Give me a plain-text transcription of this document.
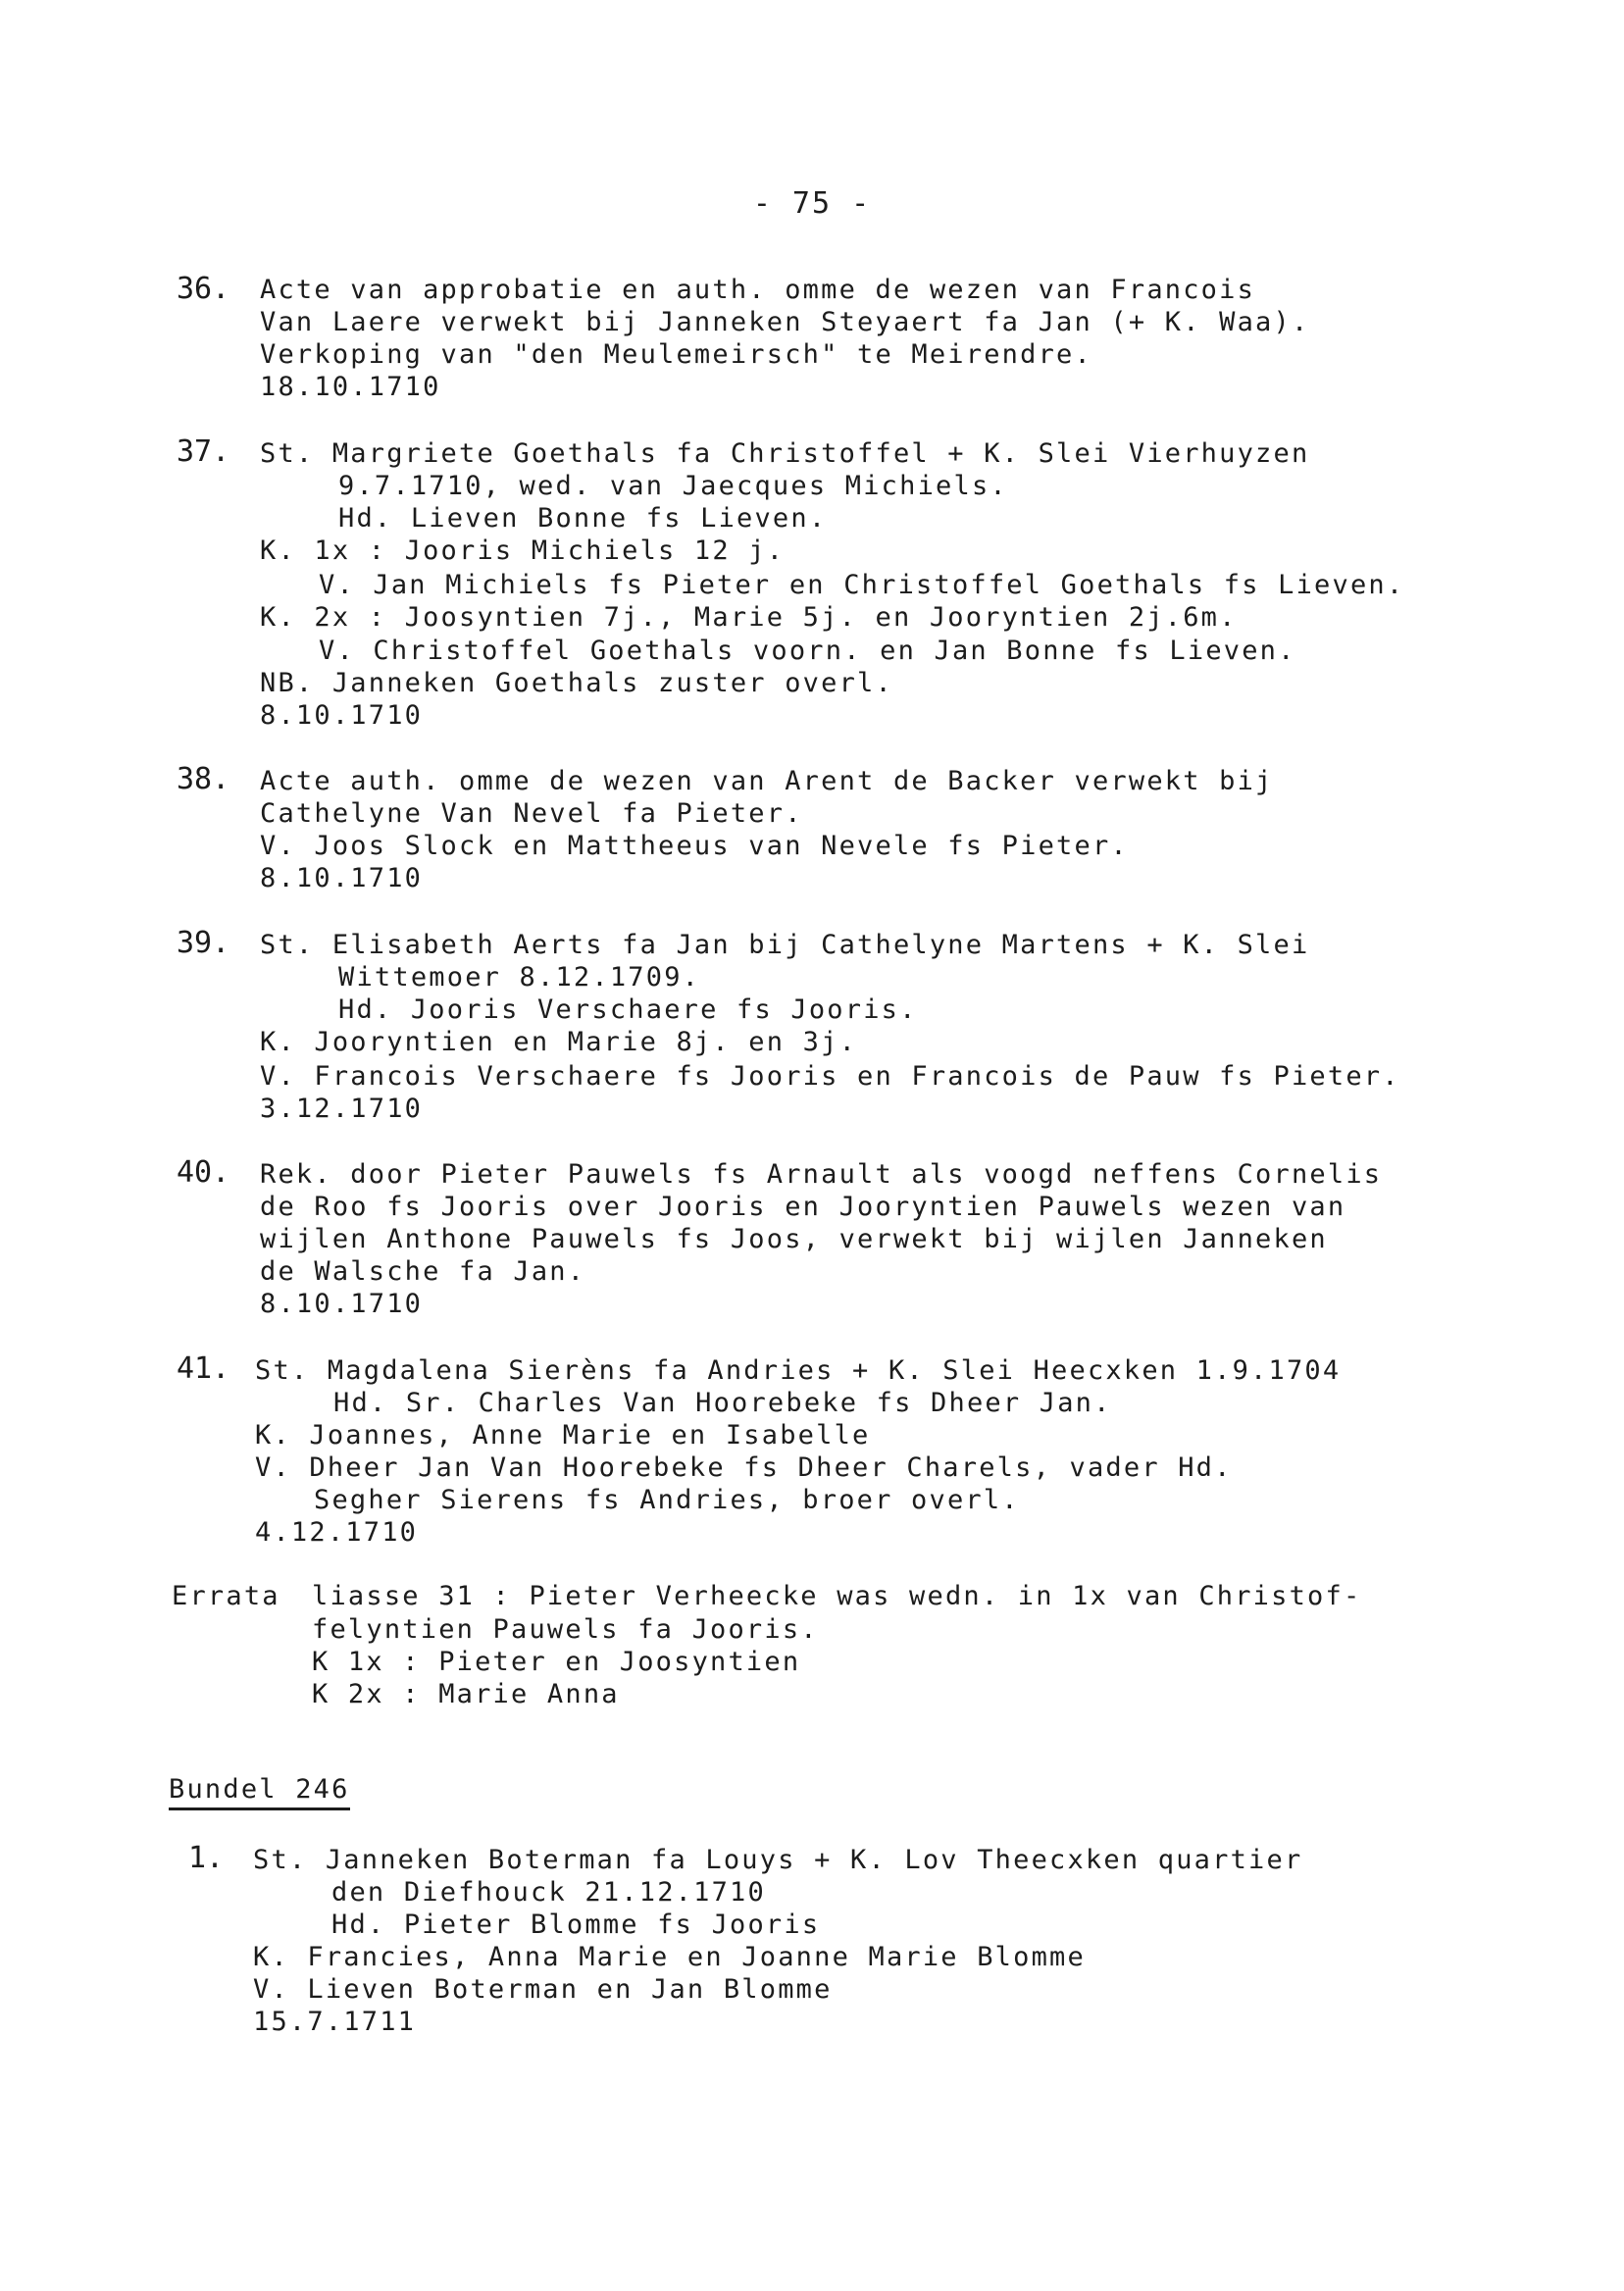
- 75 -
36. Acte van approbatie en auth. omme de wezen van Francois
Van Laere verwekt bij Janneken Steyaert fa Jan (+ K. Waa).
Verkoping van "den Meulemeirsch" te Meirendre.
18.10.1710
37. St. Margriete Goethals fa Christoffel + K. Slei Vierhuyzen
9.7.1710, wed. van Jaecques Michiels.
Hd. Lieven Bonne fs Lieven.
K. 1x : Jooris Michiels 12 j.
V. Jan Michiels fs Pieter en Christoffel Goethals fs Lieven.
K. 2x : Joosyntien 7j., Marie 5j. en Jooryntien 2j.6m.
V. Christoffel Goethals voorn. en Jan Bonne fs Lieven.
NB. Janneken Goethals zuster overl.
8.10.1710
38. Acte auth. omme de wezen van Arent de Backer verwekt bij
Cathelyne Van Nevel fa Pieter.
V. Joos Slock en Mattheeus van Nevele fs Pieter.
8.10.1710
39. St. Elisabeth Aerts fa Jan bij Cathelyne Martens + K. Slei
Wittemoer 8.12.1709.
Hd. Jooris Verschaere fs Jooris.
K. Jooryntien en Marie 8j. en 3j.
V. Francois Verschaere fs Jooris en Francois de Pauw fs Pieter.
3.12.1710
40. Rek. door Pieter Pauwels fs Arnault als voogd neffens Cornelis
de Roo fs Jooris over Jooris en Jooryntien Pauwels wezen van
wijlen Anthone Pauwels fs Joos, verwekt bij wijlen Janneken
de Walsche fa Jan.
8.10.1710
41. St. Magdalena Sierèns fa Andries + K. Slei Heecxken 1.9.1704
Hd. Sr. Charles Van Hoorebeke fs Dheer Jan.
K. Joannes, Anne Marie en Isabelle
V. Dheer Jan Van Hoorebeke fs Dheer Charels, vader Hd.
Segher Sierens fs Andries, broer overl.
4.12.1710
Errata liasse 31 : Pieter Verheecke was wedn. in 1x van Christof-
felyntien Pauwels fa Jooris.
K 1x : Pieter en Joosyntien
K 2x : Marie Anna
Bundel 246
1. St. Janneken Boterman fa Louys + K. Lov Theecxken quartier
den Diefhouck 21.12.1710
Hd. Pieter Blomme fs Jooris
K. Francies, Anna Marie en Joanne Marie Blomme
V. Lieven Boterman en Jan Blomme
15.7.1711
